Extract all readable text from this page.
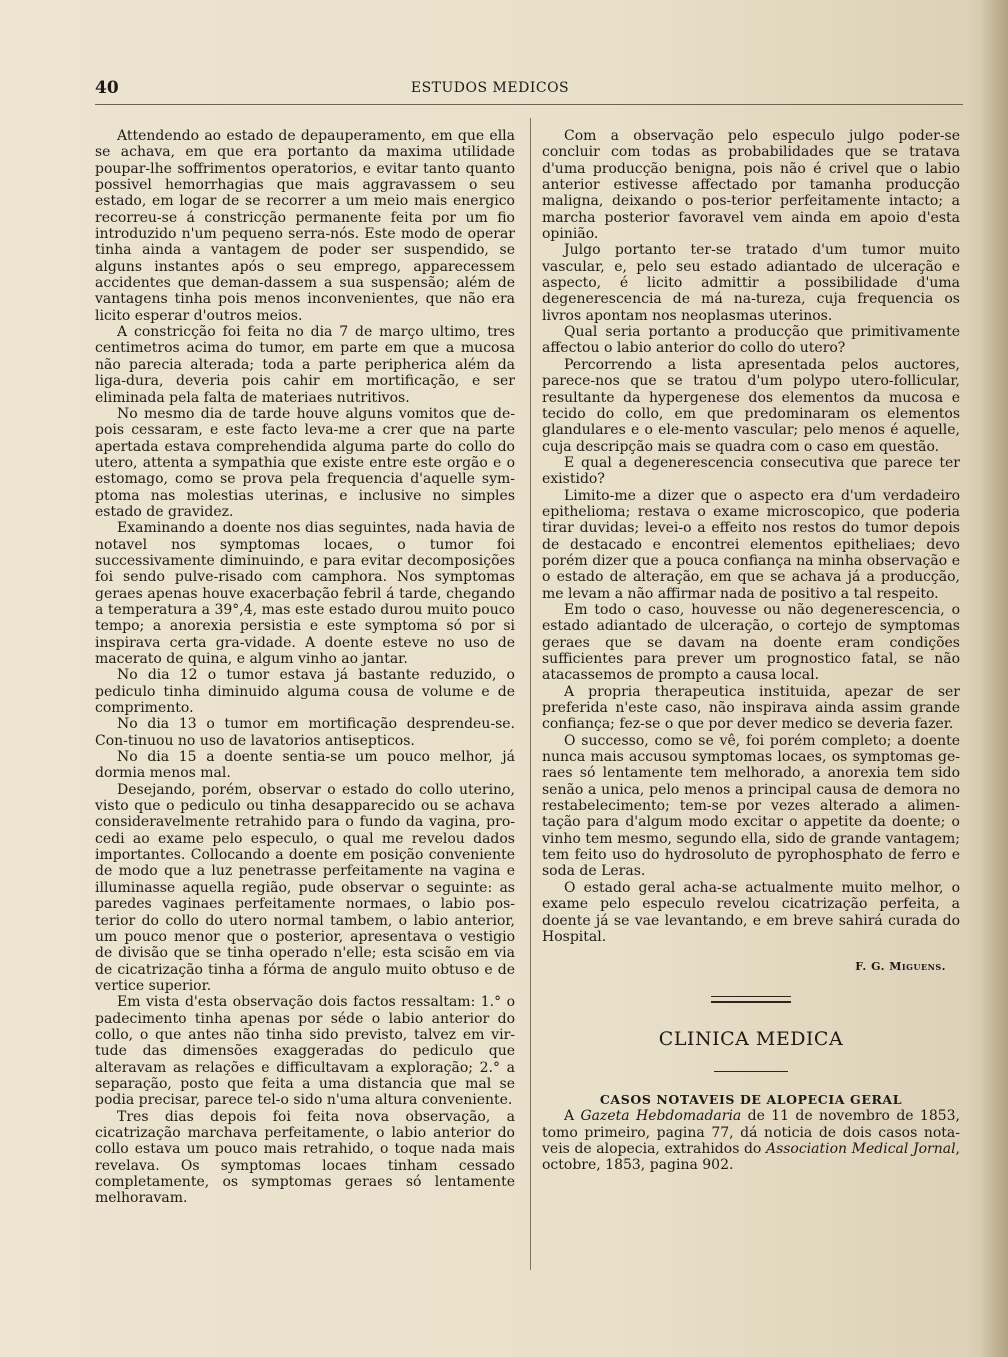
40	ESTUDOS MEDICOS

Attendendo ao estado de depauperamento, em que ella se achava, em que era portanto da maxima utilidade poupar-lhe soffrimentos operatorios, e evitar tanto quanto possivel hemorrhagias que mais aggravassem o seu estado, em logar de se recorrer a um meio mais energico recorreu-se á constricção permanente feita por um fio introduzido n'um pequeno serra-nós. Este modo de operar tinha ainda a vantagem de poder ser suspendido, se alguns instantes após o seu emprego, apparecessem accidentes que deman-dassem a sua suspensão; além de vantagens tinha pois menos inconvenientes, que não era licito esperar d'outros meios.

A constricção foi feita no dia 7 de março ultimo, tres centimetros acima do tumor, em parte em que a mucosa não parecia alterada; toda a parte peripherica além da liga-dura, deveria pois cahir em mortificação, e ser eliminada pela falta de materiaes nutritivos.

No mesmo dia de tarde houve alguns vomitos que de-pois cessaram, e este facto leva-me a crer que na parte apertada estava comprehendida alguma parte do collo do utero, attenta a sympathia que existe entre este orgão e o estomago, como se prova pela frequencia d'aquelle sym-ptoma nas molestias uterinas, e inclusive no simples estado de gravidez.

Examinando a doente nos dias seguintes, nada havia de notavel nos symptomas locaes, o tumor foi successivamente diminuindo, e para evitar decomposições foi sendo pulve-risado com camphora. Nos symptomas geraes apenas houve exacerbação febril á tarde, chegando a temperatura a 39°,4, mas este estado durou muito pouco tempo; a anorexia persistia e este symptoma só por si inspirava certa gra-vidade. A doente esteve no uso de macerato de quina, e algum vinho ao jantar.

No dia 12 o tumor estava já bastante reduzido, o pediculo tinha diminuido alguma cousa de volume e de comprimento.

No dia 13 o tumor em mortificação desprendeu-se. Con-tinuou no uso de lavatorios antisepticos.

No dia 15 a doente sentia-se um pouco melhor, já dormia menos mal.

Desejando, porém, observar o estado do collo uterino, visto que o pediculo ou tinha desapparecido ou se achava consideravelmente retrahido para o fundo da vagina, pro-cedi ao exame pelo especulo, o qual me revelou dados importantes. Collocando a doente em posição conveniente de modo que a luz penetrasse perfeitamente na vagina e illuminasse aquella região, pude observar o seguinte: as paredes vaginaes perfeitamente normaes, o labio pos-terior do collo do utero normal tambem, o labio anterior, um pouco menor que o posterior, apresentava o vestigio de divisão que se tinha operado n'elle; esta scisão em via de cicatrização tinha a fórma de angulo muito obtuso e de vertice superior.

Em vista d'esta observação dois factos ressaltam: 1.° o padecimento tinha apenas por séde o labio anterior do collo, o que antes não tinha sido previsto, talvez em vir-tude das dimensões exaggeradas do pediculo que alteravam as relações e difficultavam a exploração; 2.° a separação, posto que feita a uma distancia que mal se podia precisar, parece tel-o sido n'uma altura conveniente.

Tres dias depois foi feita nova observação, a cicatrização marchava perfeitamente, o labio anterior do collo estava um pouco mais retrahido, o toque nada mais revelava. Os symptomas locaes tinham cessado completamente, os symptomas geraes só lentamente melhoravam.

Com a observação pelo especulo julgo poder-se concluir com todas as probabilidades que se tratava d'uma producção benigna, pois não é crivel que o labio anterior estivesse affectado por tamanha producção maligna, deixando o pos-terior perfeitamente intacto; a marcha posterior favoravel vem ainda em apoio d'esta opinião.

Julgo portanto ter-se tratado d'um tumor muito vascular, e, pelo seu estado adiantado de ulceração e aspecto, é licito admittir a possibilidade d'uma degenerescencia de má na-tureza, cuja frequencia os livros apontam nos neoplasmas uterinos.

Qual seria portanto a producção que primitivamente affectou o labio anterior do collo do utero?

Percorrendo a lista apresentada pelos auctores, parece-nos que se tratou d'um polypo utero-follicular, resultante da hypergenese dos elementos da mucosa e tecido do collo, em que predominaram os elementos glandulares e o ele-mento vascular; pelo menos é aquelle, cuja descripção mais se quadra com o caso em questão.

E qual a degenerescencia consecutiva que parece ter existido?

Limito-me a dizer que o aspecto era d'um verdadeiro epithelioma; restava o exame microscopico, que poderia tirar duvidas; levei-o a effeito nos restos do tumor depois de destacado e encontrei elementos epitheliaes; devo porém dizer que a pouca confiança na minha observação e o estado de alteração, em que se achava já a producção, me levam a não affirmar nada de positivo a tal respeito.

Em todo o caso, houvesse ou não degenerescencia, o estado adiantado de ulceração, o cortejo de symptomas geraes que se davam na doente eram condições sufficientes para prever um prognostico fatal, se não atacassemos de prompto a causa local.

A propria therapeutica instituida, apezar de ser preferida n'este caso, não inspirava ainda assim grande confiança; fez-se o que por dever medico se deveria fazer.

O successo, como se vê, foi porém completo; a doente nunca mais accusou symptomas locaes, os symptomas ge-raes só lentamente tem melhorado, a anorexia tem sido senão a unica, pelo menos a principal causa de demora no restabelecimento; tem-se por vezes alterado a alimen-tação para d'algum modo excitar o appetite da doente; o vinho tem mesmo, segundo ella, sido de grande vantagem; tem feito uso do hydrosoluto de pyrophosphato de ferro e soda de Leras.

O estado geral acha-se actualmente muito melhor, o exame pelo especulo revelou cicatrização perfeita, a doente já se vae levantando, e em breve sahirá curada do Hospital.

F. G. Miguens.
CLINICA MEDICA
CASOS NOTAVEIS DE ALOPECIA GERAL

A Gazeta Hebdomadaria de 11 de novembro de 1853, tomo primeiro, pagina 77, dá noticia de dois casos nota-veis de alopecia, extrahidos do Association Medical Jornal, octobre, 1853, pagina 902.
